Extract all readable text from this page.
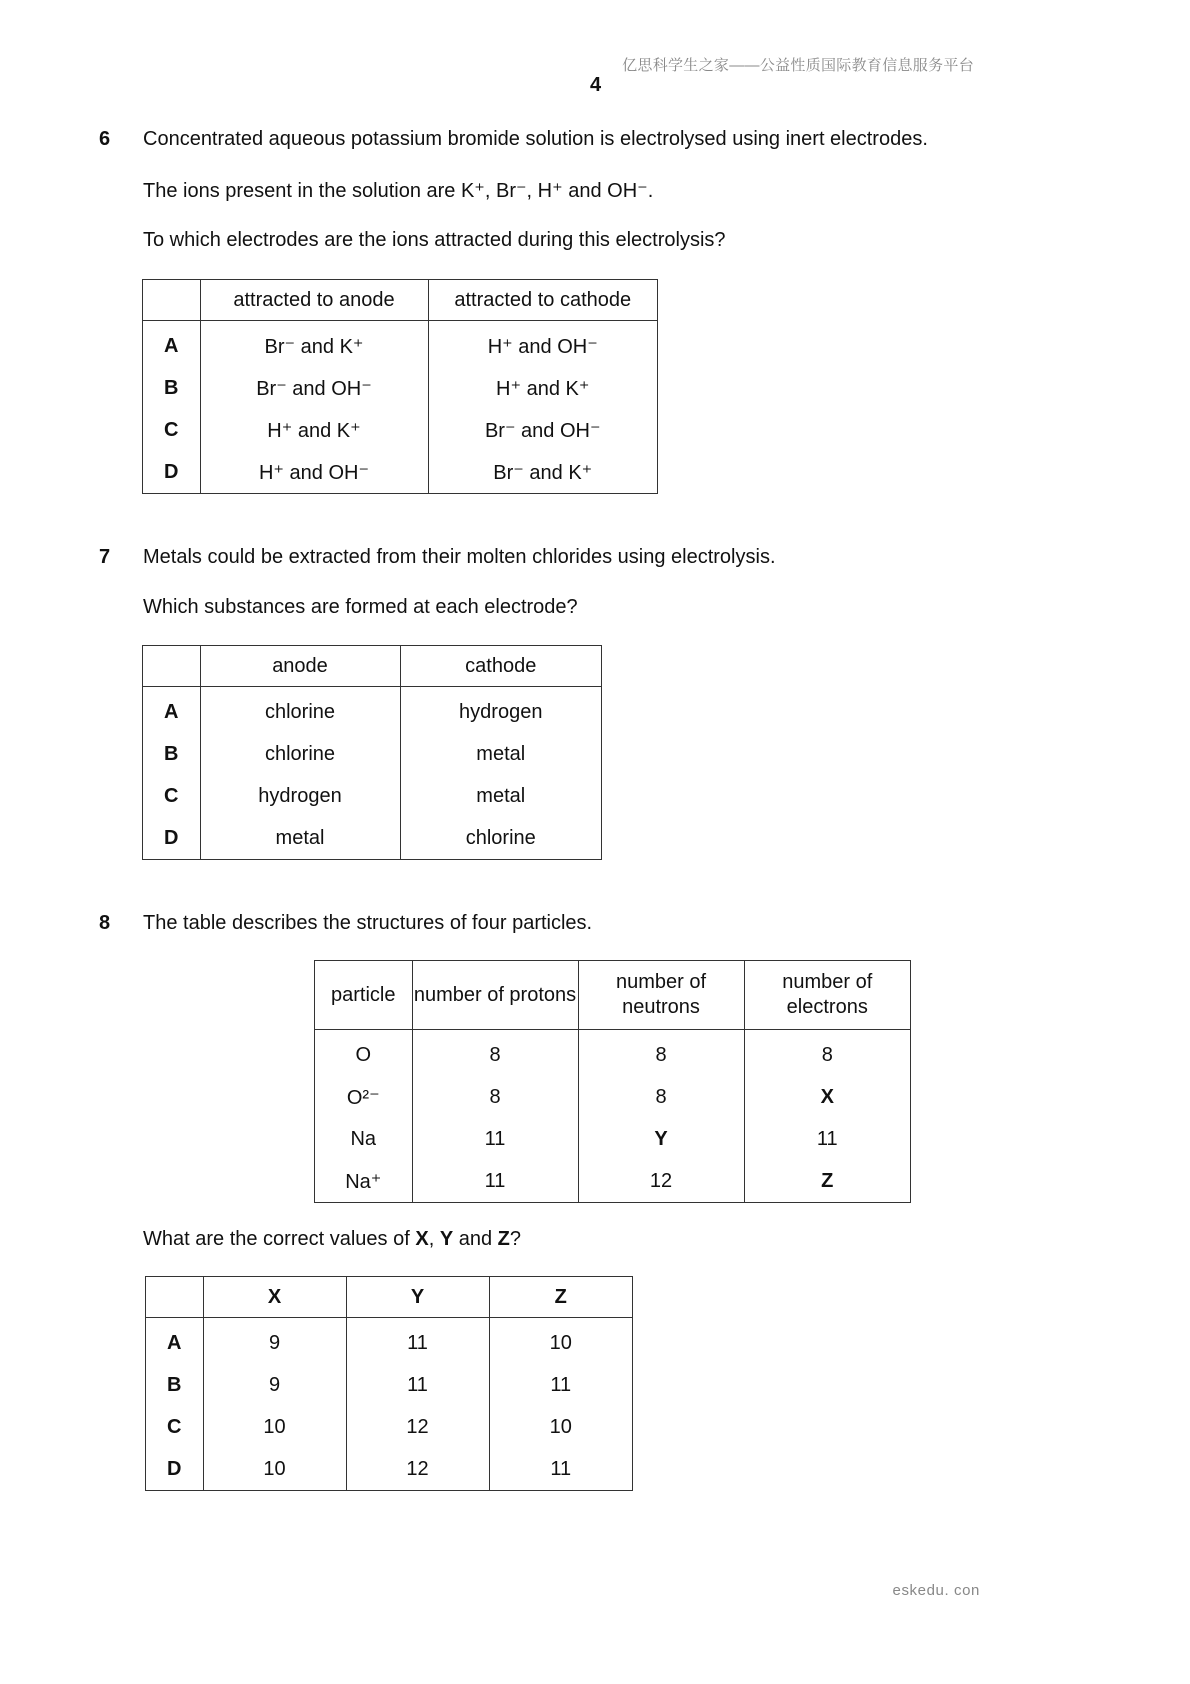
亿思科学生之家——公益性质国际教育信息服务平台
4
6 Concentrated aqueous potassium bromide solution is electrolysed using inert electrodes.
The ions present in the solution are K⁺, Br⁻, H⁺ and OH⁻.
To which electrodes are the ions attracted during this electrolysis?
	attracted to anode	attracted to cathode
A	Br⁻ and K⁺	H⁺ and OH⁻
B	Br⁻ and OH⁻	H⁺ and K⁺
C	H⁺ and K⁺	Br⁻ and OH⁻
D	H⁺ and OH⁻	Br⁻ and K⁺
7 Metals could be extracted from their molten chlorides using electrolysis.
Which substances are formed at each electrode?
	anode	cathode
A	chlorine	hydrogen
B	chlorine	metal
C	hydrogen	metal
D	metal	chlorine
8 The table describes the structures of four particles.
particle	number of protons	number of neutrons	number of electrons
O	8	8	8
O²⁻	8	8	X
Na	11	Y	11
Na⁺	11	12	Z
What are the correct values of X, Y and Z?
	X	Y	Z
A	9	11	10
B	9	11	11
C	10	12	10
D	10	12	11
eskedu. con
